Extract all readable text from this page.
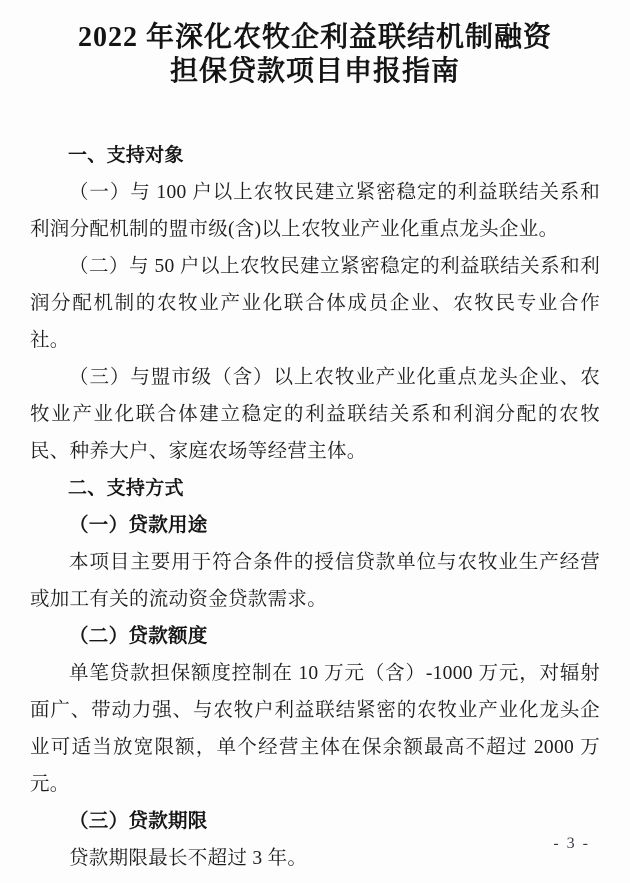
2022 年深化农牧企利益联结机制融资
担保贷款项目申报指南
一、支持对象

（一）与 100 户以上农牧民建立紧密稳定的利益联结关系和利润分配机制的盟市级(含)以上农牧业产业化重点龙头企业。

（二）与 50 户以上农牧民建立紧密稳定的利益联结关系和利润分配机制的农牧业产业化联合体成员企业、农牧民专业合作社。

（三）与盟市级（含）以上农牧业产业化重点龙头企业、农牧业产业化联合体建立稳定的利益联结关系和利润分配的农牧民、种养大户、家庭农场等经营主体。

二、支持方式
（一）贷款用途

本项目主要用于符合条件的授信贷款单位与农牧业生产经营或加工有关的流动资金贷款需求。

（二）贷款额度

单笔贷款担保额度控制在 10 万元（含）-1000 万元，对辐射面广、带动力强、与农牧户利益联结紧密的农牧业产业化龙头企业可适当放宽限额，单个经营主体在保余额最高不超过 2000 万元。

（三）贷款期限

贷款期限最长不超过 3 年。

- 3 -
